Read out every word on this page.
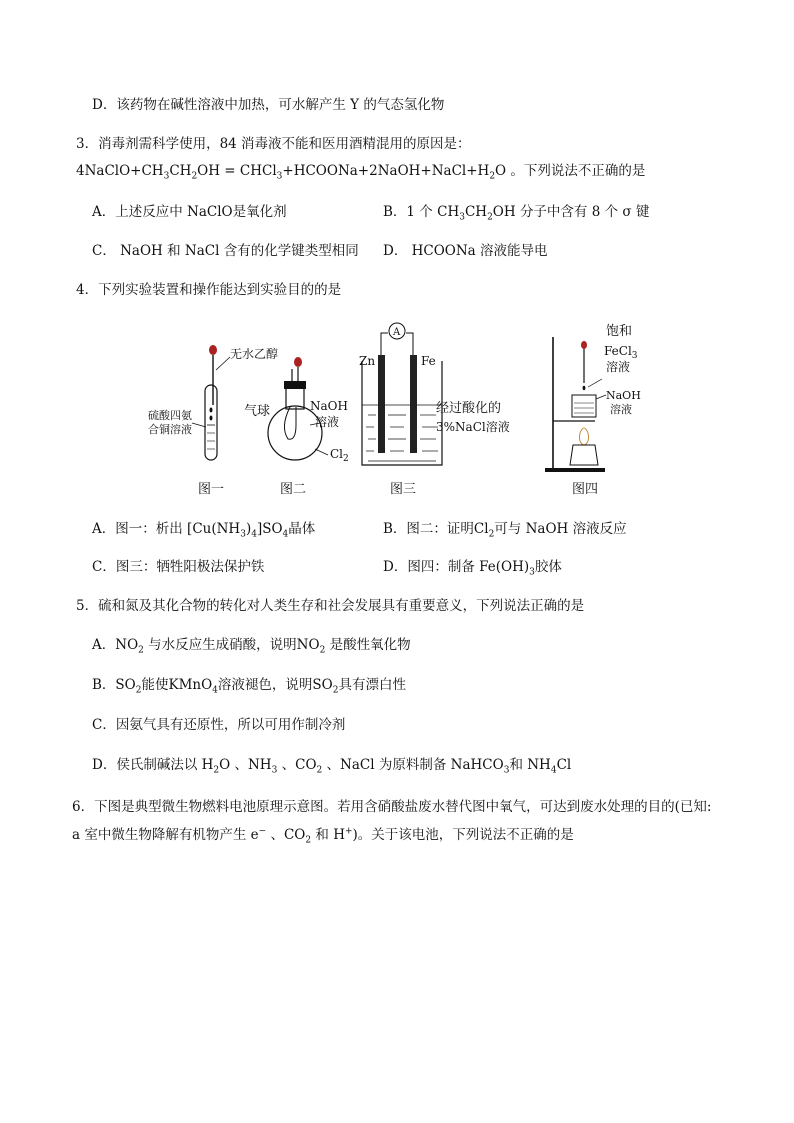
D．该药物在碱性溶液中加热，可水解产生 Y 的气态氢化物
3．消毒剂需科学使用，84 消毒液不能和医用酒精混用的原因是：
$4NaClO+CH_3CH_2OH$ = $CHCl_3+HCOONa+2NaOH+NaCl+H_2O$ 。下列说法不正确的是
A．上述反应中 NaClO是氧化剂	B．1 个 $CH_3CH_2OH$ 分子中含有 8 个 σ 键
C． NaOH 和 NaCl 含有的化学键类型相同 D． HCOONa 溶液能导电
4．下列实验装置和操作能达到实验目的的是
无水乙醇
硫酸四氨
合铜溶液
图一
气球	NaOH
溶液
$Cl_2$
图二
A
Zn	Fe
经过酸化的
3%NaCl溶液
图三
饱和
FeCl$_3$
溶液
NaOH
溶液
图四
A．图一：析出 $[Cu(NH_3)_4]SO_4$晶体	B．图二：证明$Cl_2$可与 NaOH 溶液反应
C．图三：牺牲阳极法保护铁	D．图四：制备 $Fe(OH)_3$胶体
5．硫和氮及其化合物的转化对人类生存和社会发展具有重要意义，下列说法正确的是
A．$NO_2$ 与水反应生成硝酸，说明$NO_2$ 是酸性氧化物
B．$SO_2$能使KMnO$_4$溶液褪色，说明$SO_2$具有漂白性
C．因氨气具有还原性，所以可用作制冷剂
D．侯氏制碱法以 $H_2O$ 、$NH_3$ 、$CO_2$ 、NaCl 为原料制备 NaHCO$_3$和 $NH_4Cl$
6．下图是典型微生物燃料电池原理示意图。若用含硝酸盐废水替代图中氧气，可达到废水处理的目的(已知:
a 室中微生物降解有机物产生 e− 、$CO_2$ 和 H+)。关于该电池，下列说法不正确的是
